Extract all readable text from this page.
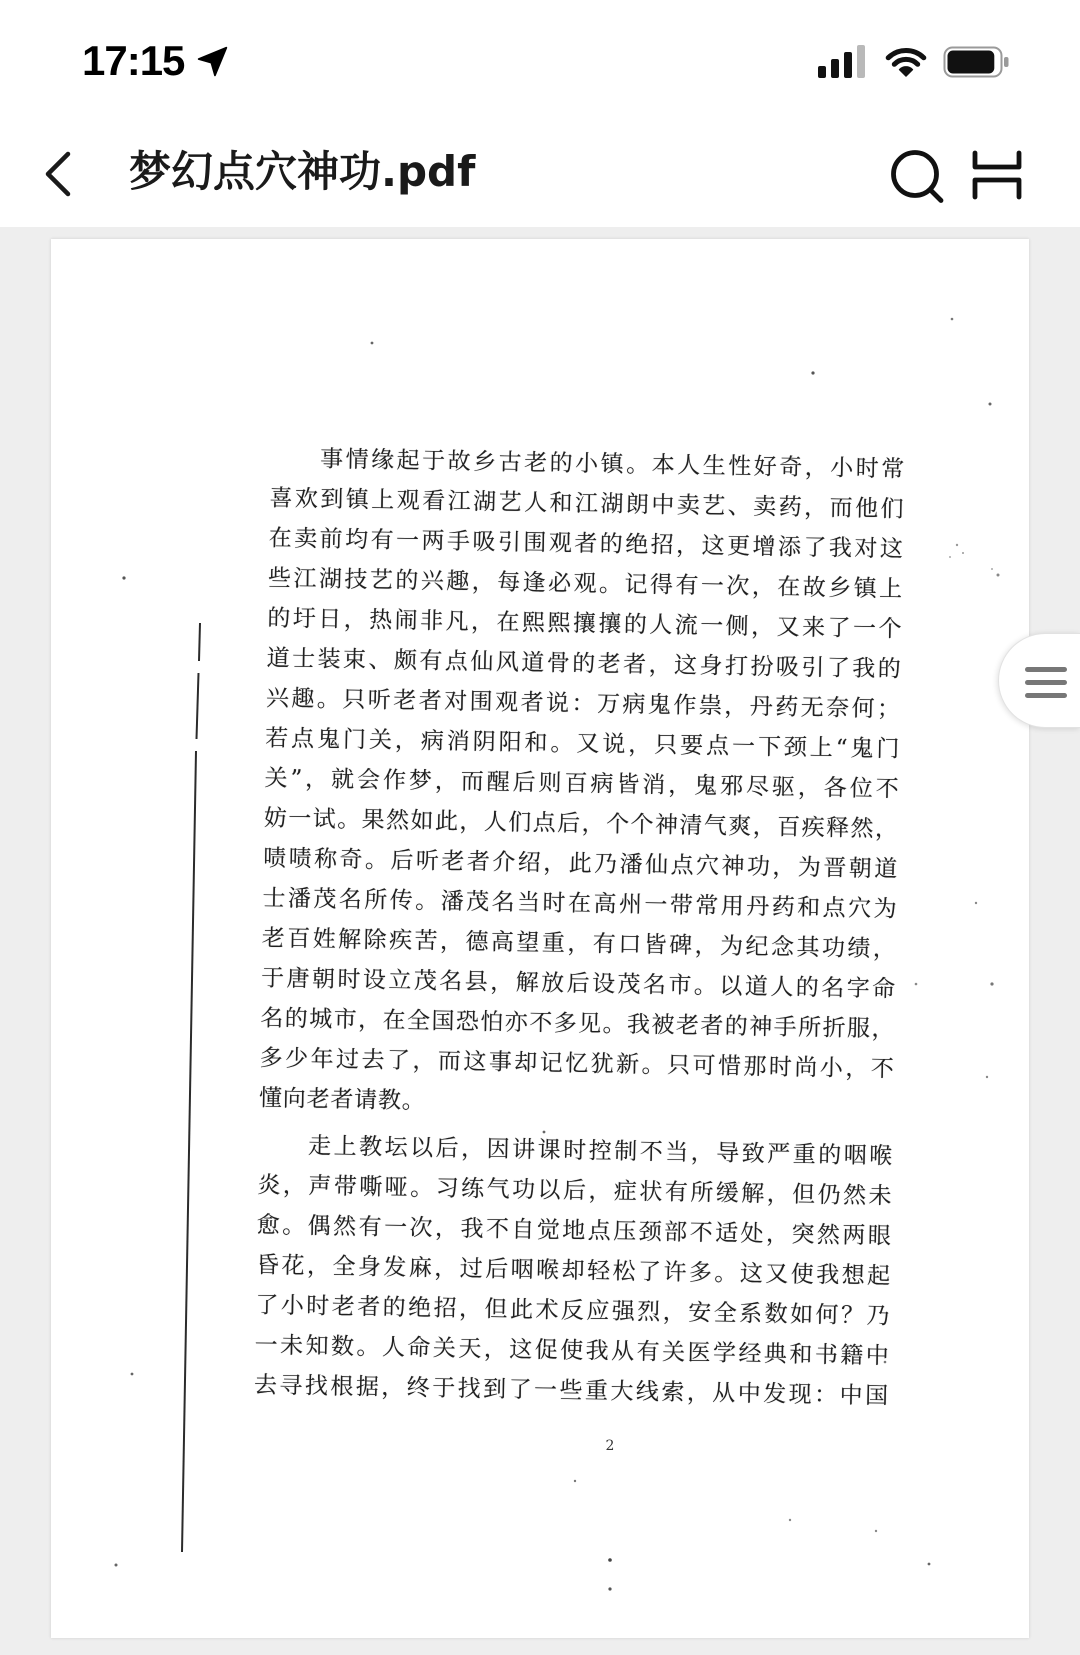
17:15
梦幻点穴神功.pdf
事情缘起于故乡古老的小镇。本人生性好奇，小时常
喜欢到镇上观看江湖艺人和江湖朗中卖艺、卖药，而他们
在卖前均有一两手吸引围观者的绝招，这更增添了我对这
些江湖技艺的兴趣，每逢必观。记得有一次，在故乡镇上
的圩日，热闹非凡，在熙熙攘攘的人流一侧，又来了一个
道士装束、颇有点仙风道骨的老者，这身打扮吸引了我的
兴趣。只听老者对围观者说：万病鬼作祟，丹药无奈何；
若点鬼门关，病消阴阳和。又说，只要点一下颈上“鬼门
关”，就会作梦，而醒后则百病皆消，鬼邪尽驱，各位不
妨一试。果然如此，人们点后，个个神清气爽，百疾释然，
啧啧称奇。后听老者介绍，此乃潘仙点穴神功，为晋朝道
士潘茂名所传。潘茂名当时在高州一带常用丹药和点穴为
老百姓解除疾苦，德高望重，有口皆碑，为纪念其功绩，
于唐朝时设立茂名县，解放后设茂名市。以道人的名字命
名的城市，在全国恐怕亦不多见。我被老者的神手所折服，
多少年过去了，而这事却记忆犹新。只可惜那时尚小，不
懂向老者请教。
走上教坛以后，因讲课时控制不当，导致严重的咽喉
炎，声带嘶哑。习练气功以后，症状有所缓解，但仍然未
愈。偶然有一次，我不自觉地点压颈部不适处，突然两眼
昏花，全身发麻，过后咽喉却轻松了许多。这又使我想起
了小时老者的绝招，但此术反应强烈，安全系数如何？乃
一未知数。人命关天，这促使我从有关医学经典和书籍中
去寻找根据，终于找到了一些重大线索，从中发现：中国
2
